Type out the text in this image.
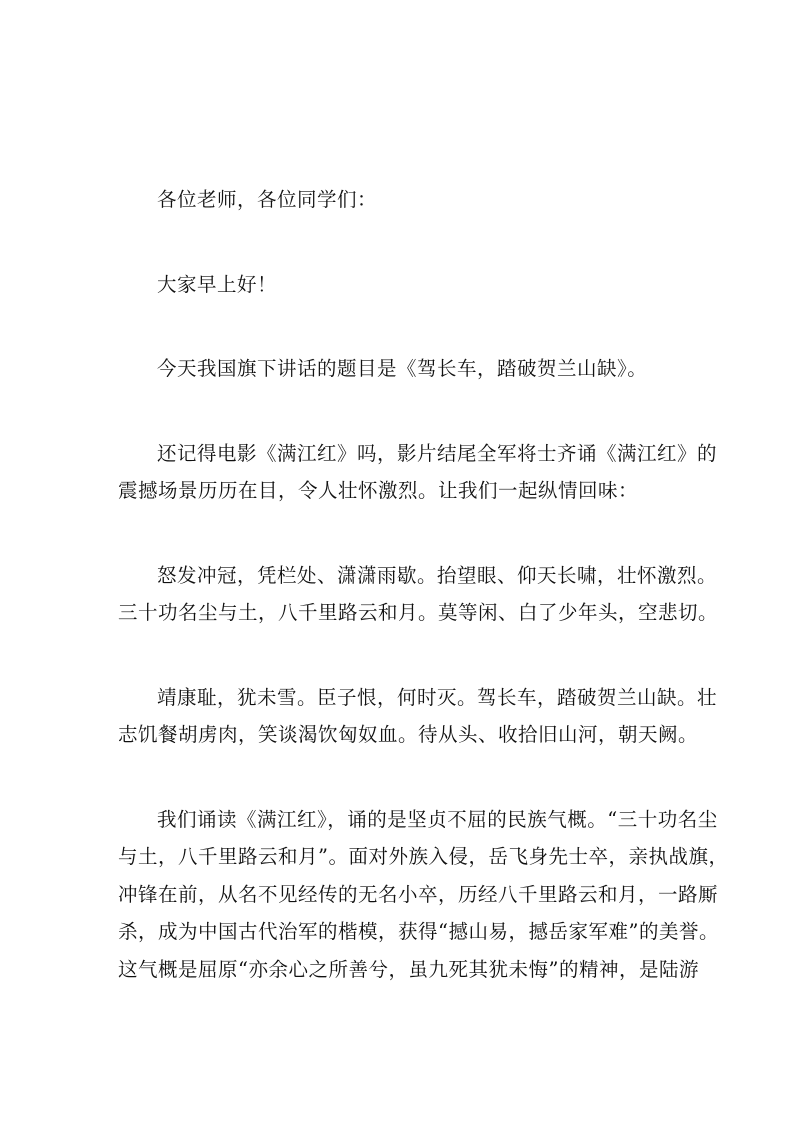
各位老师，各位同学们：

大家早上好！

今天我国旗下讲话的题目是《驾长车，踏破贺兰山缺》。

还记得电影《满江红》吗，影片结尾全军将士齐诵《满江红》的
震撼场景历历在目，令人壮怀激烈。让我们一起纵情回味：

怒发冲冠，凭栏处、潇潇雨歇。抬望眼、仰天长啸，壮怀激烈。
三十功名尘与土，八千里路云和月。莫等闲、白了少年头，空悲切。

靖康耻，犹未雪。臣子恨，何时灭。驾长车，踏破贺兰山缺。壮
志饥餐胡虏肉，笑谈渴饮匈奴血。待从头、收拾旧山河，朝天阙。

我们诵读《满江红》，诵的是坚贞不屈的民族气概。“三十功名尘
与土，八千里路云和月”。面对外族入侵，岳飞身先士卒，亲执战旗，
冲锋在前，从名不见经传的无名小卒，历经八千里路云和月，一路厮
杀，成为中国古代治军的楷模，获得“撼山易，撼岳家军难”的美誉。
这气概是屈原“亦余心之所善兮，虽九死其犹未悔”的精神，是陆游
